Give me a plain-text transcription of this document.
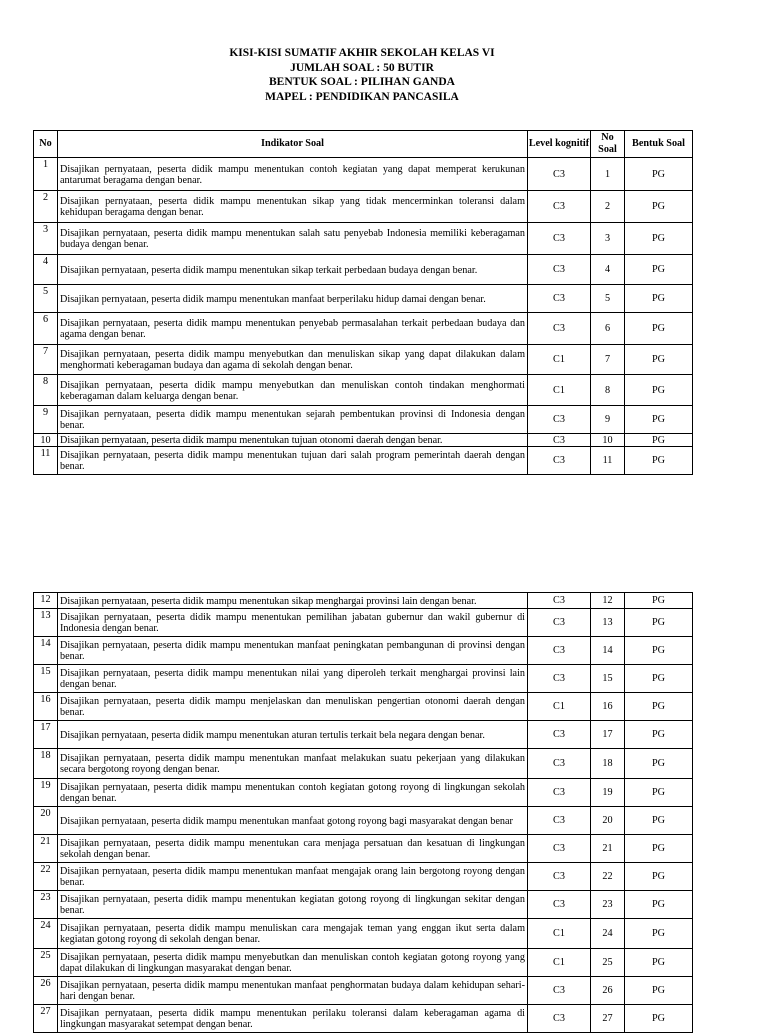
KISI-KISI SUMATIF AKHIR SEKOLAH KELAS VI
JUMLAH SOAL : 50 BUTIR
BENTUK SOAL : PILIHAN GANDA
MAPEL : PENDIDIKAN PANCASILA
No	Indikator Soal	Level kognitif	No Soal	Bentuk Soal
1	Disajikan pernyataan, peserta didik mampu menentukan contoh kegiatan yang dapat memperat kerukunan antarumat beragama dengan benar.	C3	1	PG
2	Disajikan pernyataan, peserta didik mampu menentukan sikap yang tidak mencerminkan toleransi dalam kehidupan beragama dengan benar.	C3	2	PG
3	Disajikan pernyataan, peserta didik mampu menentukan salah satu penyebab Indonesia memiliki keberagaman budaya dengan benar.	C3	3	PG
4	Disajikan pernyataan, peserta didik mampu menentukan sikap terkait perbedaan budaya dengan benar.	C3	4	PG
5	Disajikan pernyataan, peserta didik mampu menentukan manfaat berperilaku hidup damai dengan benar.	C3	5	PG
6	Disajikan pernyataan, peserta didik mampu menentukan penyebab permasalahan terkait perbedaan budaya dan agama dengan benar.	C3	6	PG
7	Disajikan pernyataan, peserta didik mampu menyebutkan dan menuliskan sikap yang dapat dilakukan dalam menghormati keberagaman budaya dan agama di sekolah dengan benar.	C1	7	PG
8	Disajikan pernyataan, peserta didik mampu menyebutkan dan menuliskan contoh tindakan menghormati keberagaman dalam keluarga dengan benar.	C1	8	PG
9	Disajikan pernyataan, peserta didik mampu menentukan sejarah pembentukan provinsi di Indonesia dengan benar.	C3	9	PG
10	Disajikan pernyataan, peserta didik mampu menentukan tujuan otonomi daerah dengan benar.	C3	10	PG
11	Disajikan pernyataan, peserta didik mampu menentukan tujuan dari salah program pemerintah daerah dengan benar.	C3	11	PG
12	Disajikan pernyataan, peserta didik mampu menentukan sikap menghargai provinsi lain dengan benar.	C3	12	PG
13	Disajikan pernyataan, peserta didik mampu menentukan pemilihan jabatan gubernur dan wakil gubernur di Indonesia dengan benar.	C3	13	PG
14	Disajikan pernyataan, peserta didik mampu menentukan manfaat peningkatan pembangunan di provinsi dengan benar.	C3	14	PG
15	Disajikan pernyataan, peserta didik mampu menentukan nilai yang diperoleh terkait menghargai provinsi lain dengan benar.	C3	15	PG
16	Disajikan pernyataan, peserta didik mampu menjelaskan dan menuliskan pengertian otonomi daerah dengan benar.	C1	16	PG
17	Disajikan pernyataan, peserta didik mampu menentukan aturan tertulis terkait bela negara dengan benar.	C3	17	PG
18	Disajikan pernyataan, peserta didik mampu menentukan manfaat melakukan suatu pekerjaan yang dilakukan secara bergotong royong dengan benar.	C3	18	PG
19	Disajikan pernyataan, peserta didik mampu menentukan contoh kegiatan gotong royong di lingkungan sekolah dengan benar.	C3	19	PG
20	Disajikan pernyataan, peserta didik mampu menentukan manfaat gotong royong bagi masyarakat dengan benar	C3	20	PG
21	Disajikan pernyataan, peserta didik mampu menentukan cara menjaga persatuan dan kesatuan di lingkungan sekolah dengan benar.	C3	21	PG
22	Disajikan pernyataan, peserta didik mampu menentukan manfaat mengajak orang lain bergotong royong dengan benar.	C3	22	PG
23	Disajikan pernyataan, peserta didik mampu menentukan kegiatan gotong royong di lingkungan sekitar dengan benar.	C3	23	PG
24	Disajikan pernyataan, peserta didik mampu menuliskan cara mengajak teman yang enggan ikut serta dalam kegiatan gotong royong di sekolah dengan benar.	C1	24	PG
25	Disajikan pernyataan, peserta didik mampu menyebutkan dan menuliskan contoh kegiatan gotong royong yang dapat dilakukan di lingkungan masyarakat dengan benar.	C1	25	PG
26	Disajikan pernyataan, peserta didik mampu menentukan manfaat penghormatan budaya dalam kehidupan sehari-hari dengan benar.	C3	26	PG
27	Disajikan pernyataan, peserta didik mampu menentukan perilaku toleransi dalam keberagaman agama di lingkungan masyarakat setempat dengan benar.	C3	27	PG
